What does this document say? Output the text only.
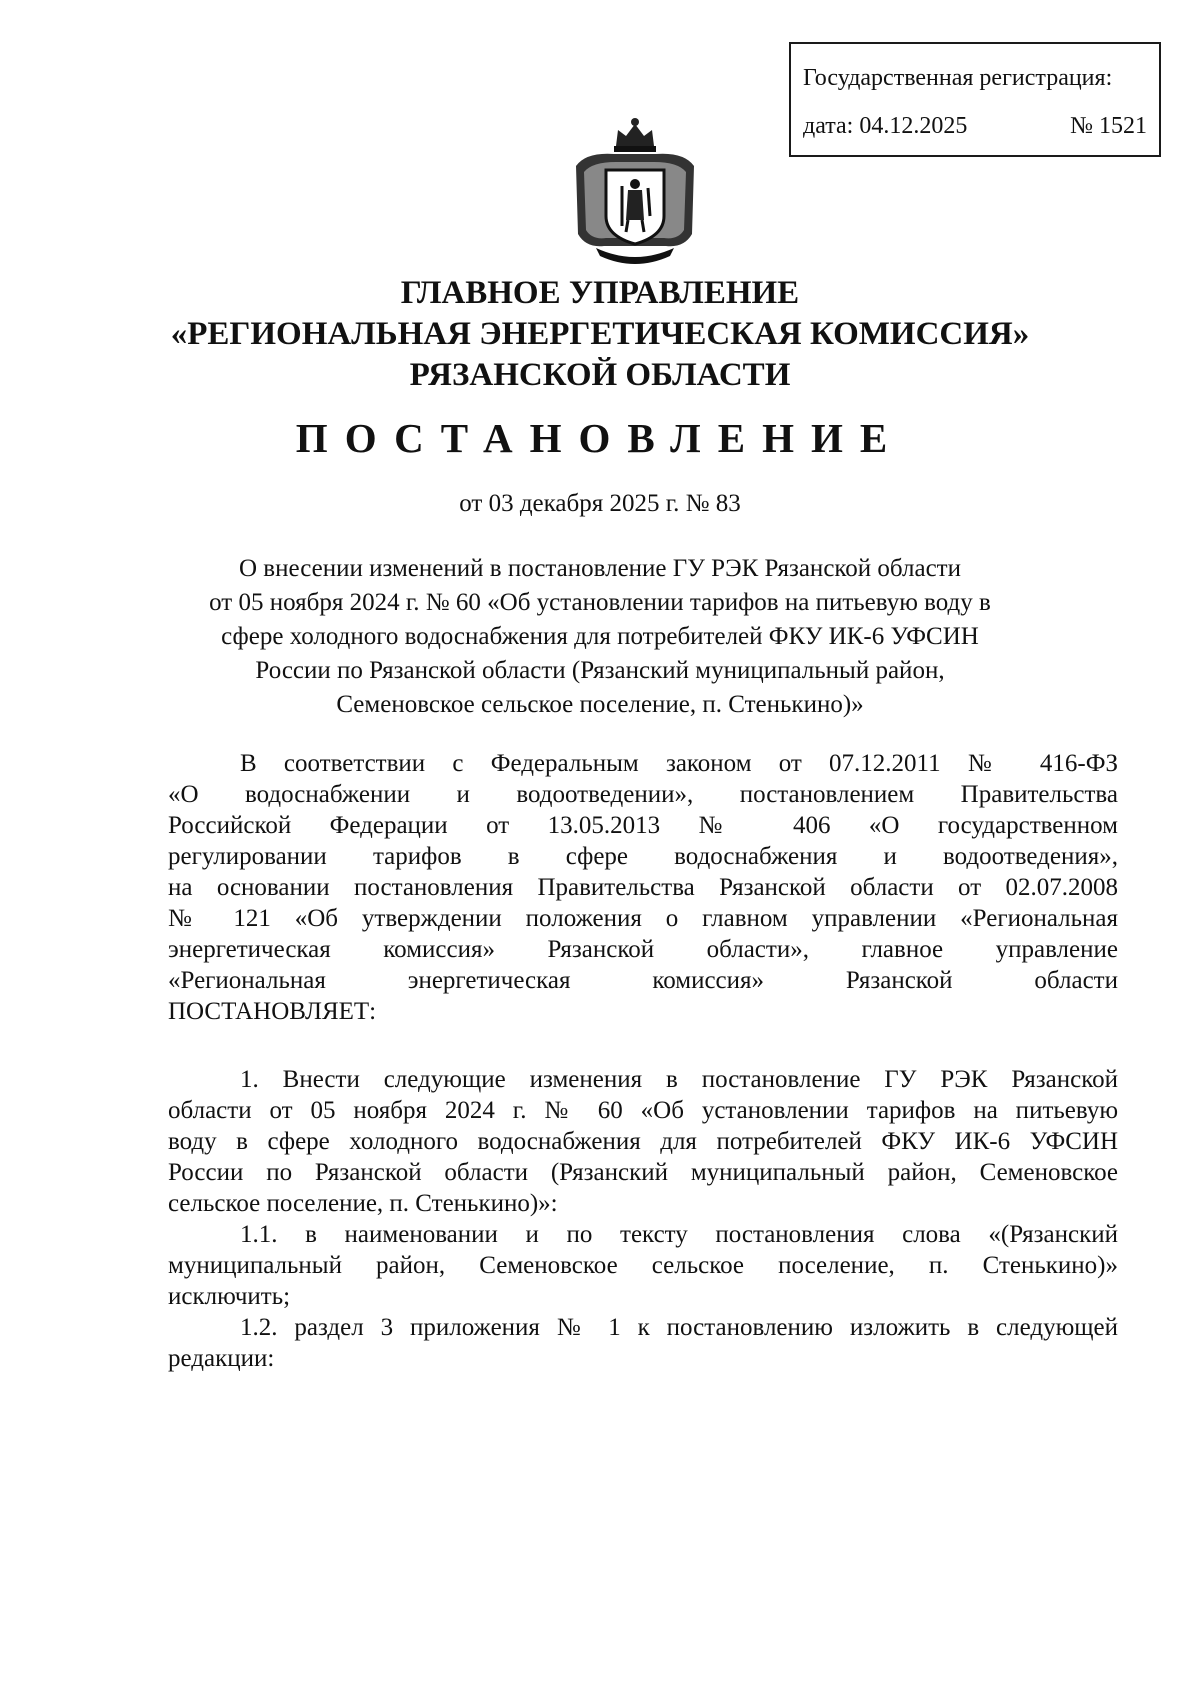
Государственная регистрация:
дата: 04.12.2025	№ 1521
ГЛАВНОЕ УПРАВЛЕНИЕ
«РЕГИОНАЛЬНАЯ ЭНЕРГЕТИЧЕСКАЯ КОМИССИЯ»
РЯЗАНСКОЙ ОБЛАСТИ
ПОСТАНОВЛЕНИЕ
от 03 декабря 2025 г. № 83
О внесении изменений в постановление ГУ РЭК Рязанской области
от 05 ноября 2024 г. № 60 «Об установлении тарифов на питьевую воду в
сфере холодного водоснабжения для потребителей ФКУ ИК-6 УФСИН
России по Рязанской области (Рязанский муниципальный район,
Семеновское сельское поселение, п. Стенькино)»
В соответствии с Федеральным законом от 07.12.2011 № 416-ФЗ
«О водоснабжении и водоотведении», постановлением Правительства
Российской Федерации от 13.05.2013 № 406 «О государственном
регулировании тарифов в сфере водоснабжения и водоотведения»,
на основании постановления Правительства Рязанской области от 02.07.2008
№ 121 «Об утверждении положения о главном управлении «Региональная
энергетическая комиссия» Рязанской области», главное управление
«Региональная энергетическая комиссия» Рязанской области
ПОСТАНОВЛЯЕТ:
1. Внести следующие изменения в постановление ГУ РЭК Рязанской
области от 05 ноября 2024 г. № 60 «Об установлении тарифов на питьевую
воду в сфере холодного водоснабжения для потребителей ФКУ ИК-6 УФСИН
России по Рязанской области (Рязанский муниципальный район, Семеновское
сельское поселение, п. Стенькино)»:
1.1. в наименовании и по тексту постановления слова «(Рязанский
муниципальный район, Семеновское сельское поселение, п. Стенькино)»
исключить;
1.2. раздел 3 приложения № 1 к постановлению изложить в следующей
редакции:
